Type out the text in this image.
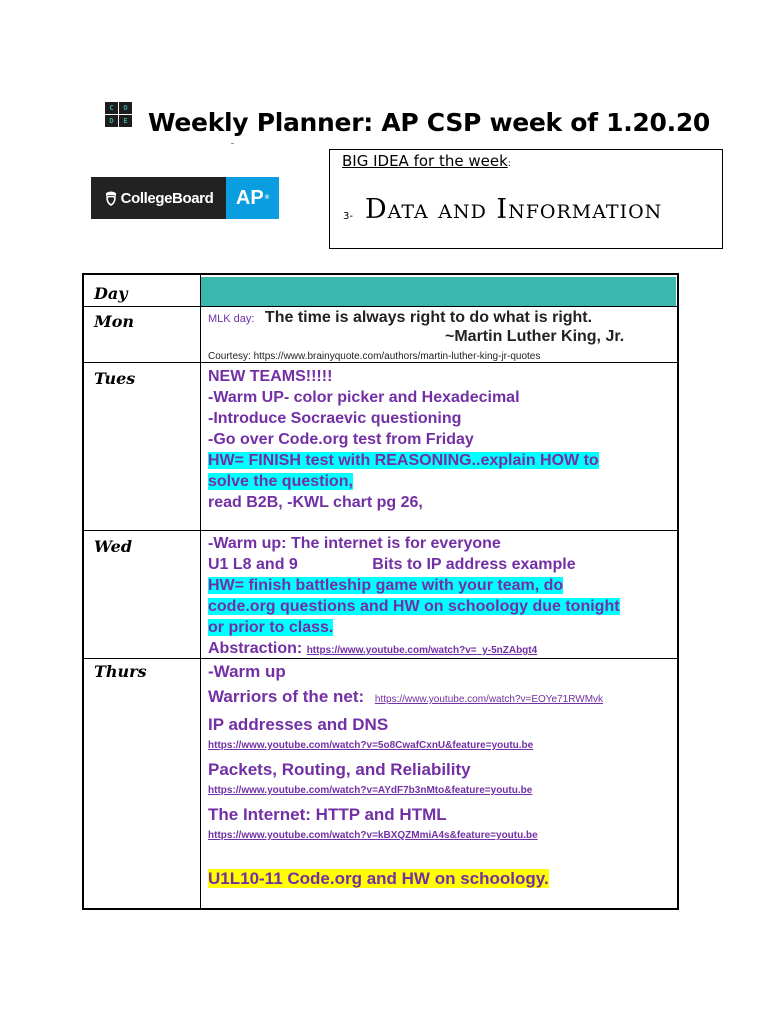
C	O
D	E Weekly Planner: AP CSP week of 1.20.20
CollegeBoard AP ®
BIG IDEA for the week:
3- Data and Information
Day
Mon	MLK day: The time is always right to do what is right.
~Martin Luther King, Jr.
Courtesy: https://www.brainyquote.com/authors/martin-luther-king-jr-quotes
Tues	NEW TEAMS!!!!!
-Warm UP- color picker and Hexadecimal
-Introduce Socraevic questioning
-Go over Code.org test from Friday
HW= FINISH test with REASONING..explain HOW to
solve the question,
read B2B, -KWL chart pg 26,
Wed	-Warm up: The internet is for everyone
U1 L8 and 9	Bits to IP address example
HW= finish battleship game with your team, do
code.org questions and HW on schoology due tonight
or prior to class.
Abstraction: https://www.youtube.com/watch?v=_y-5nZAbgt4
Thurs	-Warm up
Warriors of the net: https://www.youtube.com/watch?v=EOYe71RWMvk
IP addresses and DNS
https://www.youtube.com/watch?v=5o8CwafCxnU&feature=youtu.be
Packets, Routing, and Reliability
https://www.youtube.com/watch?v=AYdF7b3nMto&feature=youtu.be
The Internet: HTTP and HTML
https://www.youtube.com/watch?v=kBXQZMmiA4s&feature=youtu.be
U1L10-11 Code.org and HW on schoology.
